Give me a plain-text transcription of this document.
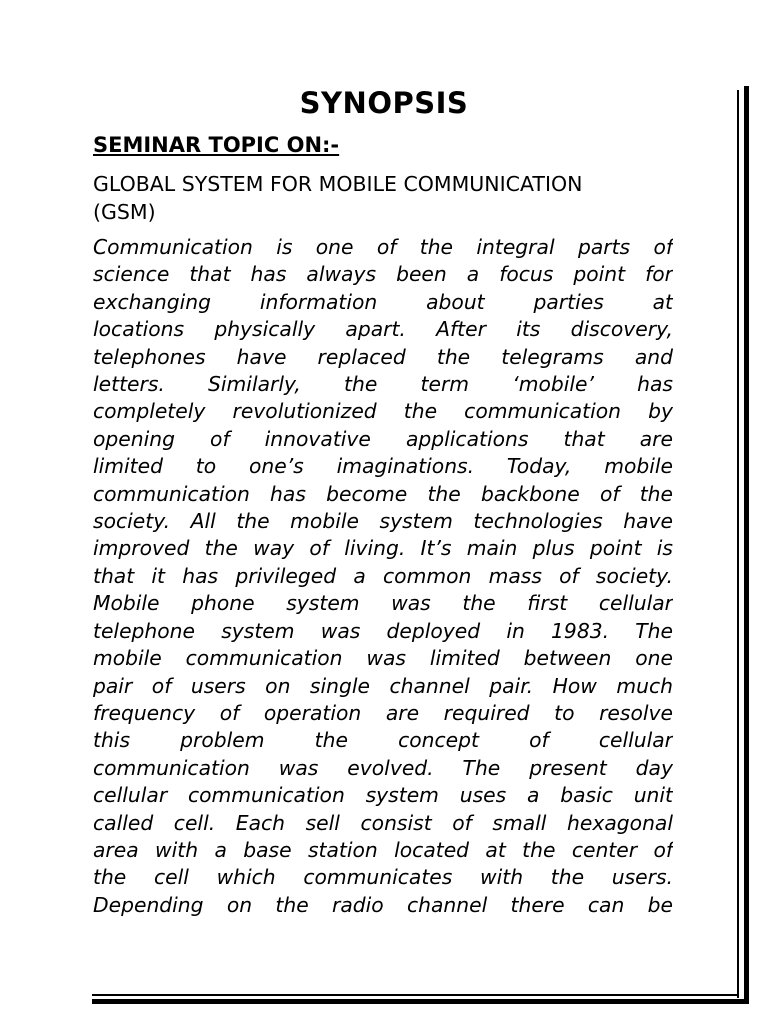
SYNOPSIS
SEMINAR TOPIC ON:-
GLOBAL SYSTEM FOR MOBILE COMMUNICATION
(GSM)
Communication is one of the integral parts of
science that has always been a focus point for
exchanging information about parties at
locations physically apart. After its discovery,
telephones have replaced the telegrams and
letters. Similarly, the term ‘mobile’ has
completely revolutionized the communication by
opening of innovative applications that are
limited to one’s imaginations. Today, mobile
communication has become the backbone of the
society. All the mobile system technologies have
improved the way of living. It’s main plus point is
that it has privileged a common mass of society.
Mobile phone system was the first cellular
telephone system was deployed in 1983. The
mobile communication was limited between one
pair of users on single channel pair. How much
frequency of operation are required to resolve
this problem the concept of cellular
communication was evolved. The present day
cellular communication system uses a basic unit
called cell. Each sell consist of small hexagonal
area with a base station located at the center of
the cell which communicates with the users.
Depending on the radio channel there can be
